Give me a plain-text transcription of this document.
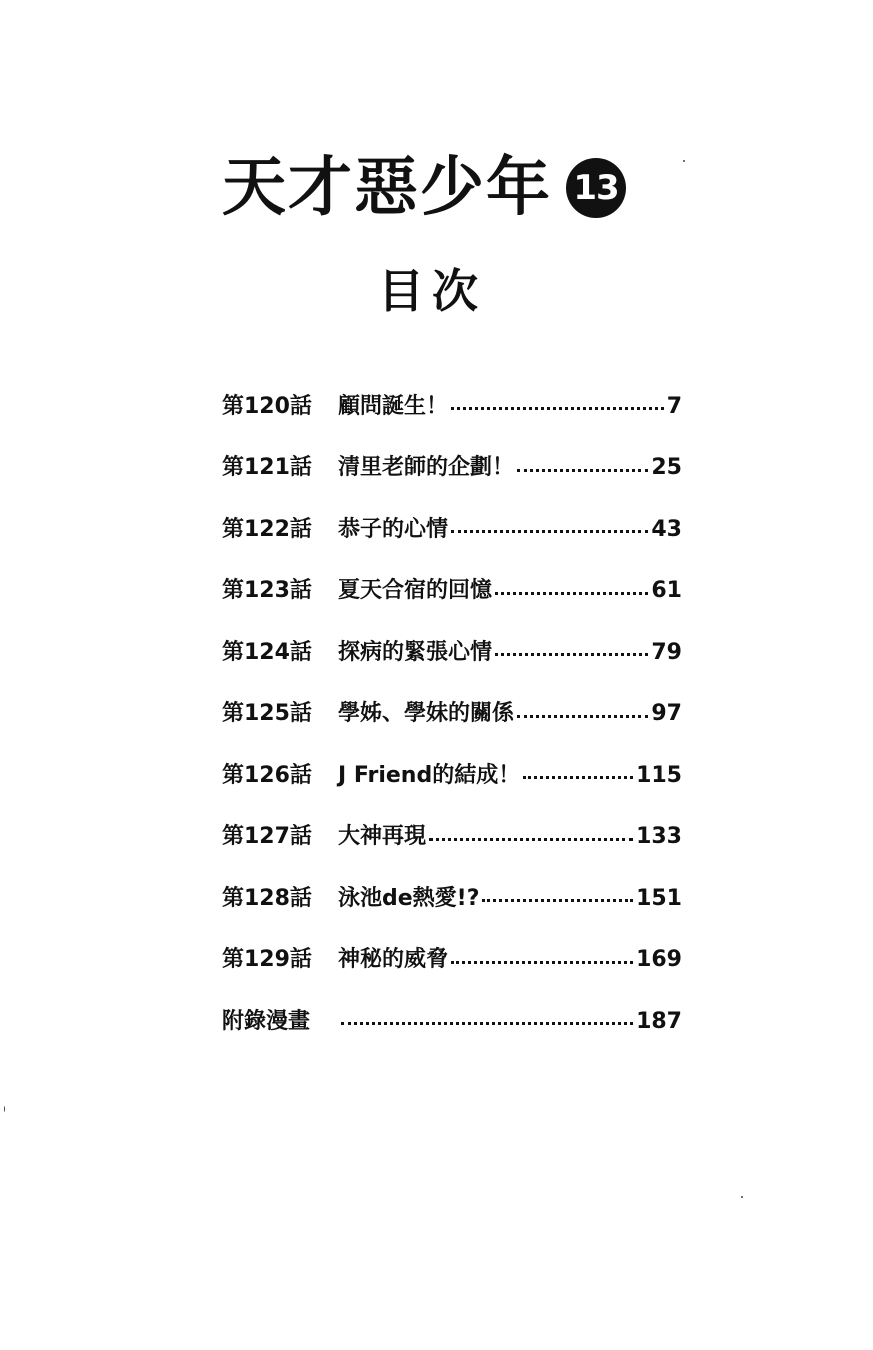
天才惡少年 13
目次
第120話	顧問誕生！	7
第121話	清里老師的企劃！	25
第122話	恭子的心情	43
第123話	夏天合宿的回憶	61
第124話	探病的緊張心情	79
第125話	學姊、學妹的關係	97
第126話	J Friend的結成！	115
第127話	大神再現	133
第128話	泳池de熱愛!?	151
第129話	神秘的威脅	169
附錄漫畫	187
